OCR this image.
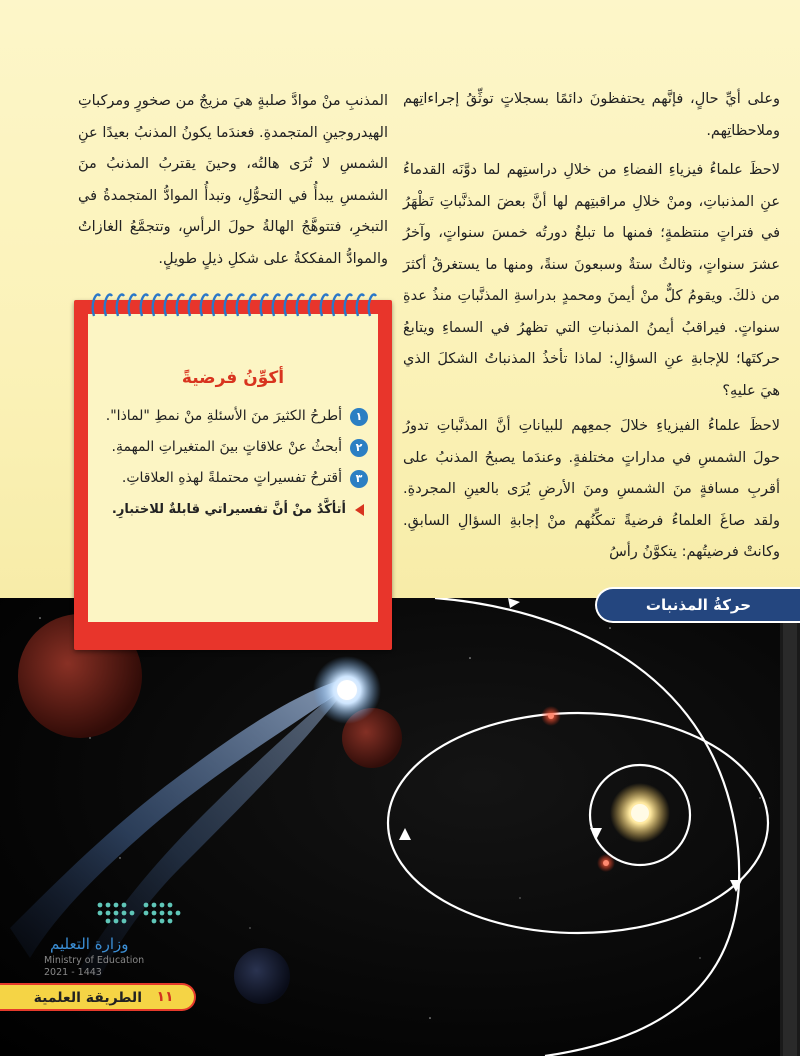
وعلى أيِّ حالٍ، فإنَّهم يحتفظونَ دائمًا بسجلاتٍ توثِّقُ إجراءاتِهم وملاحظاتِهم.

لاحظَ علماءُ فيزياءِ الفضاءِ من خلالِ دراستِهم لما دوَّنَه القدماءُ عنِ المذنباتِ، ومنْ خلالِ مراقبتِهم لها أنَّ بعضَ المذنَّباتِ تَظْهَرُ في فتراتٍ منتظمةٍ؛ فمنها ما تبلغُ دورتُه خمسَ سنواتٍ، وآخرُ عشرَ سنواتٍ، وثالثُ ستةٌ وسبعونَ سنةً، ومنها ما يستغرقُ أكثرَ من ذلكَ. ويقومُ كلٌّ منْ أيمنَ ومحمدٍ بدراسةِ المذنَّباتِ منذُ عدةِ سنواتٍ. فيراقبُ أيمنُ المذنباتِ التي تظهرُ في السماءِ ويتابعُ حركتَها؛ للإجابةِ عنِ السؤالِ: لماذا تأخذُ المذنباتُ الشكلَ الذي هيَ عليهِ؟

لاحظَ علماءُ الفيزياءِ خلالَ جمعِهم للبياناتِ أنَّ المذنَّباتِ تدورُ حولَ الشمسِ في مداراتٍ مختلفةٍ. وعندَما يصبحُ المذنبُ على أقربِ مسافةٍ منَ الشمسِ ومنَ الأرضِ يُرَى بالعينِ المجردةِ. ولقد صاغَ العلماءُ فرضيةً تمكِّنُهم منْ إجابةِ السؤالِ السابقِ. وكانتْ فرضيتُهم: يتكوَّنُ رأسُ

المذنبِ منْ موادَّ صلبةٍ هيَ مزيجٌ من صخورٍ ومركباتِ الهيدروجينِ المتجمدةِ. فعندَما يكونُ المذنبُ بعيدًا عنِ الشمسِ لا تُرَى هالتُه، وحينَ يقتربُ المذنبُ منَ الشمسِ يبدأُ في التحوُّلِ، وتبدأُ الموادُّ المتجمدةُ في التبخرِ، فتتوهَّجُ الهالةُ حولَ الرأسِ، وتتجمَّعُ الغازاتُ والموادُّ المفككةُ على شكلِ ذيلٍ طويلٍ.

أكوِّنُ فرضيةً
١
أطرحُ الكثيرَ منَ الأسئلةِ منْ نمطِ "لماذا".
٢
أبحثُ عنْ علاقاتٍ بينَ المتغيراتِ المهمةِ.
٣
أقترحُ تفسيراتٍ محتملةً لهذهِ العلاقاتِ.
أتأكَّدُ منْ أنَّ تفسيراتي قابلةٌ للاختبارِ.
حركةُ المذنبات
وزارة التعليم
Ministry of Education
2021 - 1443
الطريقة العلمية	١١
